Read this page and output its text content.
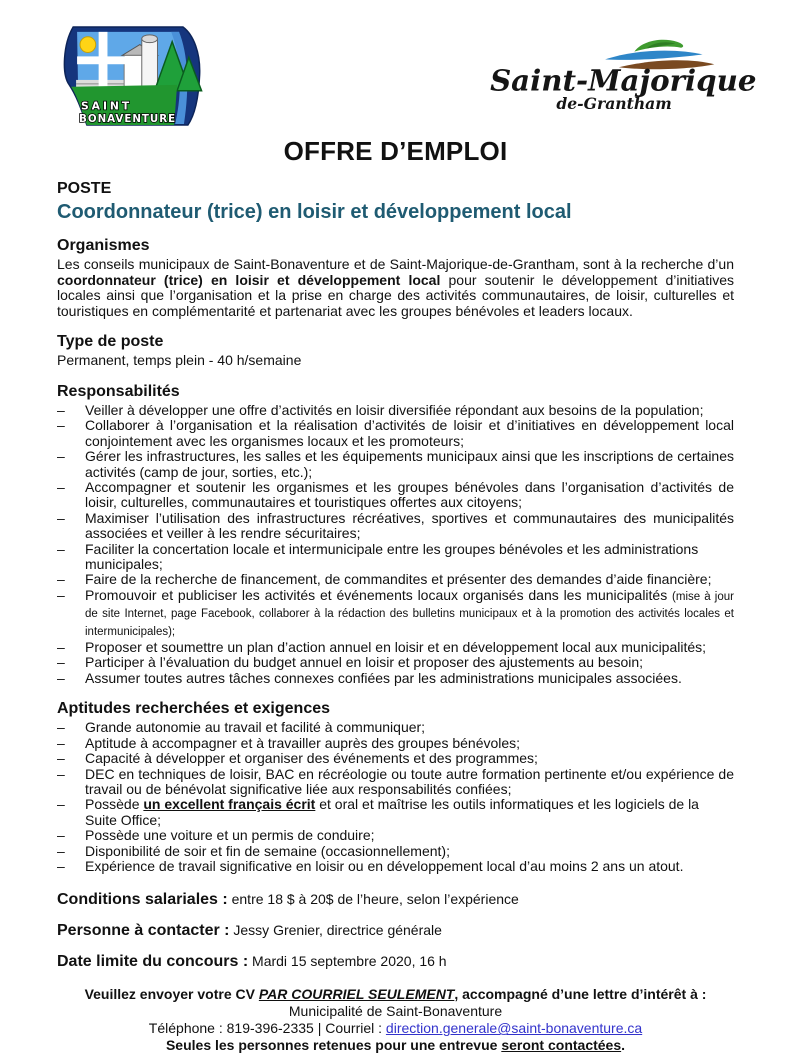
SAINT
BONAVENTURE
Saint-Majorique
de-Grantham
OFFRE D’EMPLOI
POSTE
Coordonnateur (trice) en loisir et développement local
Organismes
Les conseils municipaux de Saint-Bonaventure et de Saint-Majorique-de-Grantham, sont à la recherche d’un coordonnateur (trice) en loisir et développement local pour soutenir le développement d’initiatives locales ainsi que l’organisation et la prise en charge des activités communautaires, de loisir, culturelles et touristiques en complémentarité et partenariat avec les groupes bénévoles et leaders locaux.
Type de poste
Permanent, temps plein - 40 h/semaine
Responsabilités
–	Veiller à développer une offre d’activités en loisir diversifiée répondant aux besoins de la population;
–	Collaborer à l’organisation et la réalisation d’activités de loisir et d’initiatives en développement local conjointement avec les organismes locaux et les promoteurs;
–	Gérer les infrastructures, les salles et les équipements municipaux ainsi que les inscriptions de certaines activités (camp de jour, sorties, etc.);
–	Accompagner et soutenir les organismes et les groupes bénévoles dans l’organisation d’activités de loisir, culturelles, communautaires et touristiques offertes aux citoyens;
–	Maximiser l’utilisation des infrastructures récréatives, sportives et communautaires des municipalités associées et veiller à les rendre sécuritaires;
–	Faciliter la concertation locale et intermunicipale entre les groupes bénévoles et les administrations municipales;
–	Faire de la recherche de financement, de commandites et présenter des demandes d’aide financière;
–	Promouvoir et publiciser les activités et événements locaux organisés dans les municipalités (mise à jour de site Internet, page Facebook, collaborer à la rédaction des bulletins municipaux et à la promotion des activités locales et intermunicipales);
–	Proposer et soumettre un plan d’action annuel en loisir et en développement local aux municipalités;
–	Participer à l’évaluation du budget annuel en loisir et proposer des ajustements au besoin;
–	Assumer toutes autres tâches connexes confiées par les administrations municipales associées.
Aptitudes recherchées et exigences
–	Grande autonomie au travail et facilité à communiquer;
–	Aptitude à accompagner et à travailler auprès des groupes bénévoles;
–	Capacité à développer et organiser des événements et des programmes;
–	DEC en techniques de loisir, BAC en récréologie ou toute autre formation pertinente et/ou expérience de travail ou de bénévolat significative liée aux responsabilités confiées;
–	Possède un excellent français écrit et oral et maîtrise les outils informatiques et les logiciels de la Suite Office;
–	Possède une voiture et un permis de conduire;
–	Disponibilité de soir et fin de semaine (occasionnellement);
–	Expérience de travail significative en loisir ou en développement local d’au moins 2 ans un atout.
Conditions salariales : entre 18 $ à 20$ de l’heure, selon l’expérience
Personne à contacter : Jessy Grenier, directrice générale
Date limite du concours : Mardi 15 septembre 2020, 16 h
Veuillez envoyer votre CV PAR COURRIEL SEULEMENT, accompagné d’une lettre d’intérêt à :
Municipalité de Saint-Bonaventure
Téléphone : 819-396-2335 | Courriel : direction.generale@saint-bonaventure.ca
Seules les personnes retenues pour une entrevue seront contactées.
